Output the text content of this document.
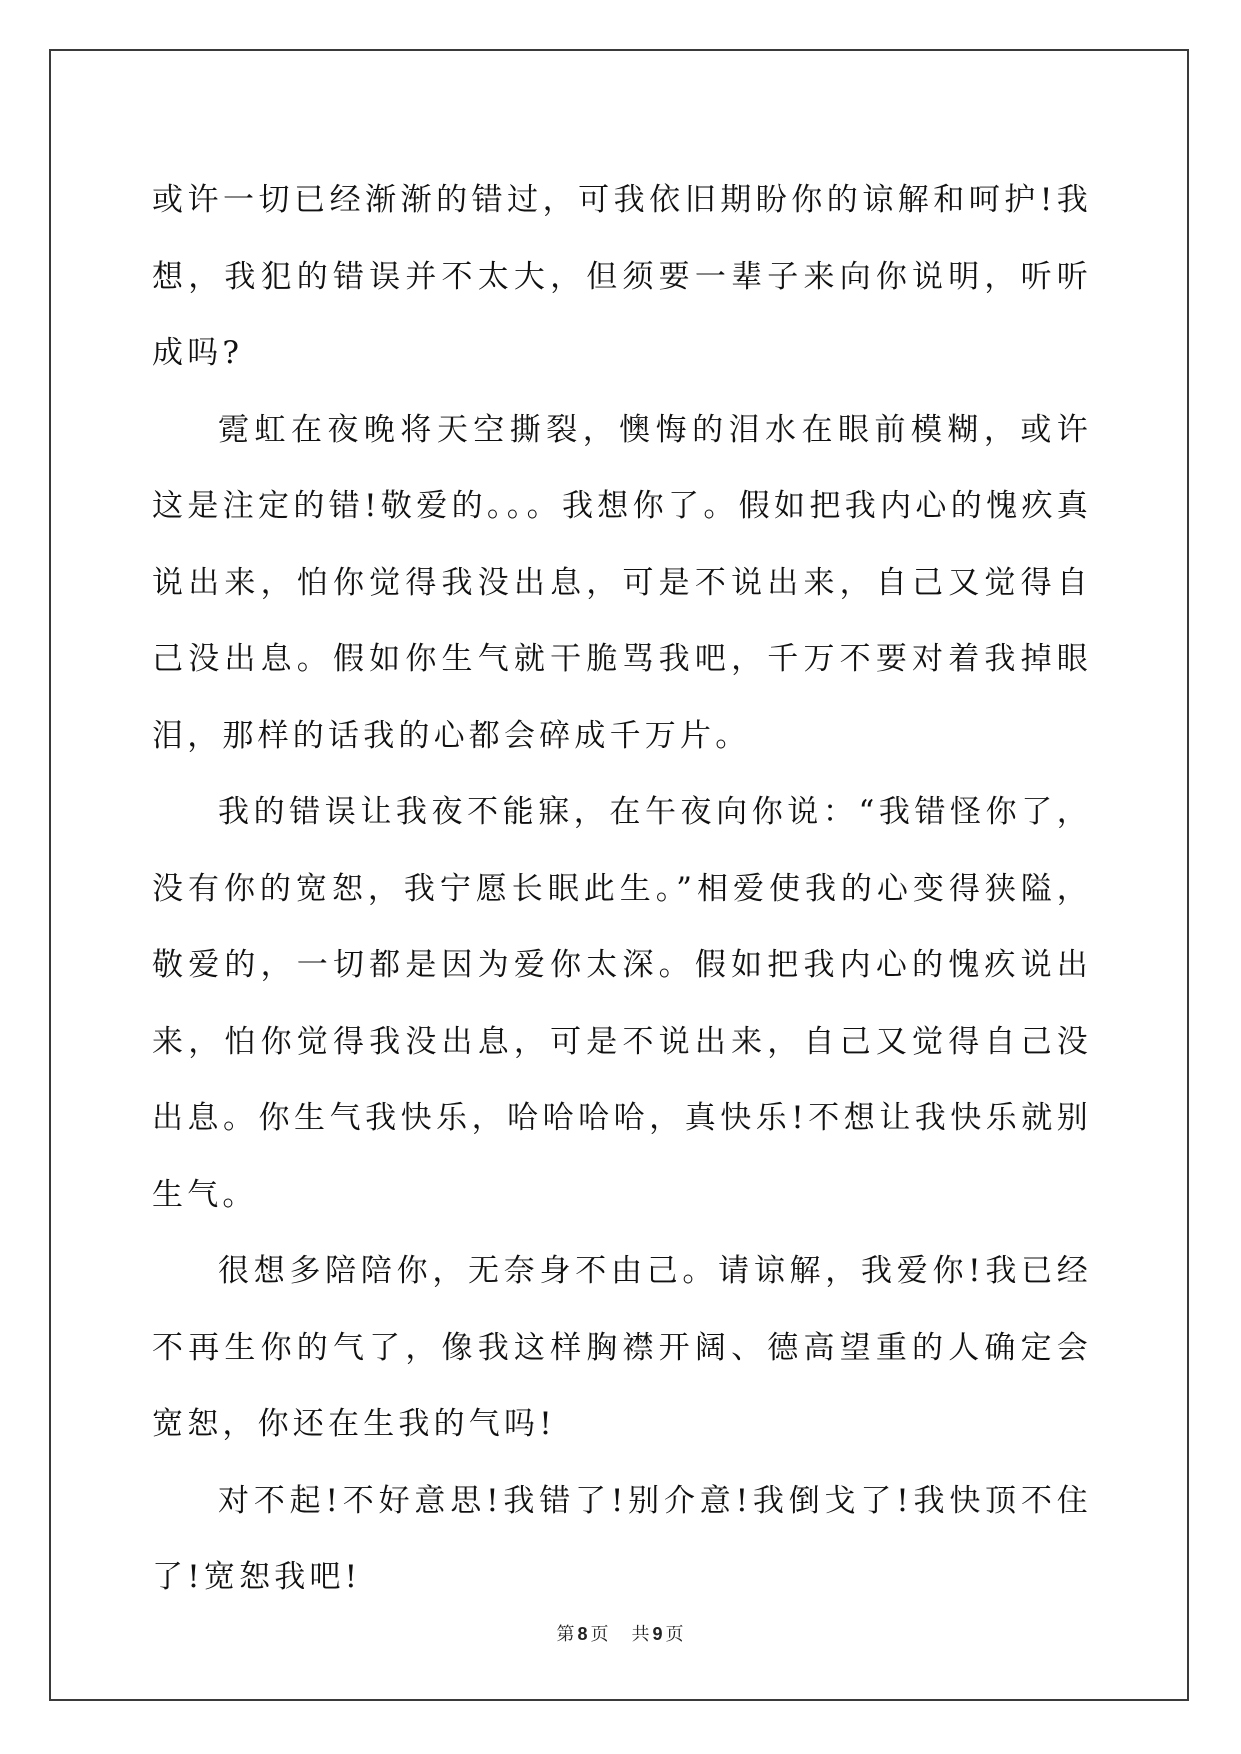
或许一切已经渐渐的错过，可我依旧期盼你的谅解和呵护!我想，我犯的错误并不太大，但须要一辈子来向你说明，听听成吗?

霓虹在夜晚将天空撕裂，懊悔的泪水在眼前模糊，或许这是注定的错!敬爱的。。。我想你了。假如把我内心的愧疚真说出来，怕你觉得我没出息，可是不说出来，自己又觉得自己没出息。假如你生气就干脆骂我吧，千万不要对着我掉眼泪，那样的话我的心都会碎成千万片。

我的错误让我夜不能寐，在午夜向你说：“我错怪你了，没有你的宽恕，我宁愿长眠此生。”相爱使我的心变得狭隘，敬爱的，一切都是因为爱你太深。假如把我内心的愧疚说出来，怕你觉得我没出息，可是不说出来，自己又觉得自己没出息。你生气我快乐，哈哈哈哈，真快乐!不想让我快乐就别生气。

很想多陪陪你，无奈身不由己。请谅解，我爱你!我已经不再生你的气了，像我这样胸襟开阔、德高望重的人确定会宽恕，你还在生我的气吗!

对不起!不好意思!我错了!别介意!我倒戈了!我快顶不住了!宽恕我吧!

第 8 页 共 9 页
